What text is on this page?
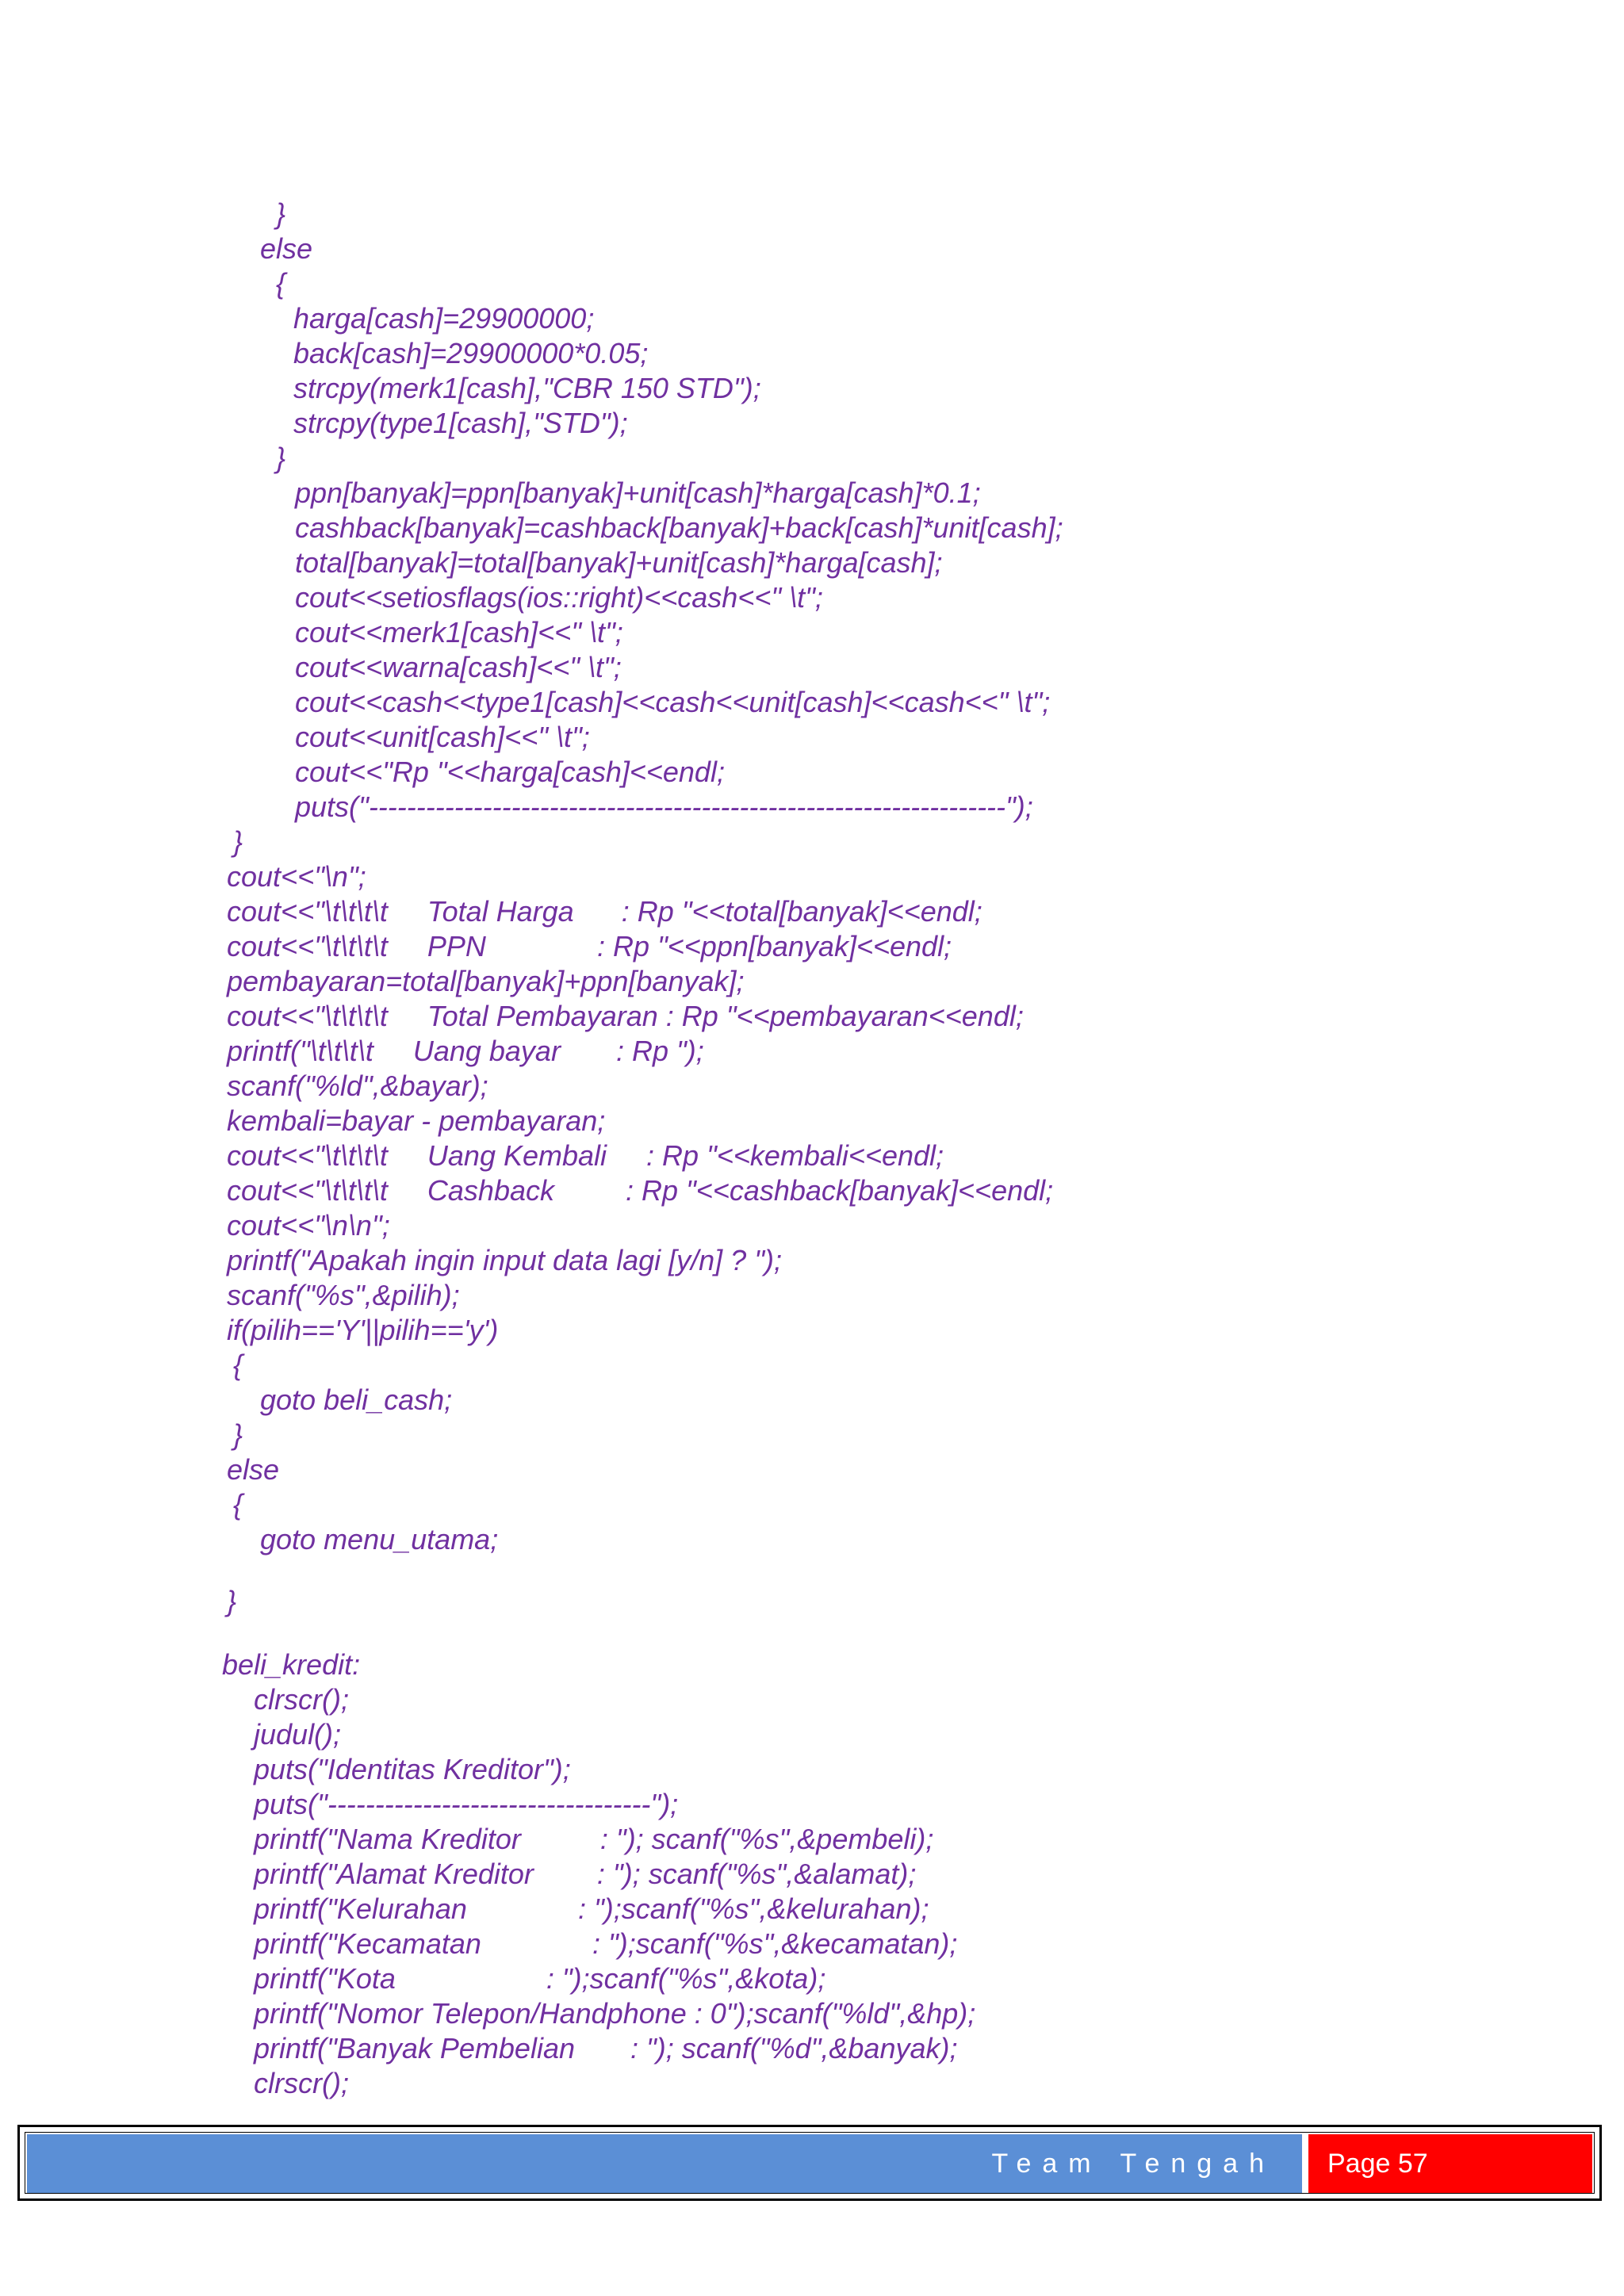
}
else
{
harga[cash]=29900000;
back[cash]=29900000*0.05;
strcpy(merk1[cash],"CBR 150 STD");
strcpy(type1[cash],"STD");
}
ppn[banyak]=ppn[banyak]+unit[cash]*harga[cash]*0.1;
cashback[banyak]=cashback[banyak]+back[cash]*unit[cash];
total[banyak]=total[banyak]+unit[cash]*harga[cash];
cout<<setiosflags(ios::right)<<cash<<" \t";
cout<<merk1[cash]<<" \t";
cout<<warna[cash]<<" \t";
cout<<cash<<type1[cash]<<cash<<unit[cash]<<cash<<" \t";
cout<<unit[cash]<<" \t";
cout<<"Rp "<<harga[cash]<<endl;
puts("-------------------------------------------------------------------");
}
cout<<"\n";
cout<<"\t\t\t\t     Total Harga      : Rp "<<total[banyak]<<endl;
cout<<"\t\t\t\t     PPN              : Rp "<<ppn[banyak]<<endl;
pembayaran=total[banyak]+ppn[banyak];
cout<<"\t\t\t\t     Total Pembayaran : Rp "<<pembayaran<<endl;
printf("\t\t\t\t     Uang bayar       : Rp ");
scanf("%ld",&bayar);
kembali=bayar - pembayaran;
cout<<"\t\t\t\t     Uang Kembali     : Rp "<<kembali<<endl;
cout<<"\t\t\t\t     Cashback         : Rp "<<cashback[banyak]<<endl;
cout<<"\n\n";
printf("Apakah ingin input data lagi [y/n] ? ");
scanf("%s",&pilih);
if(pilih=='Y'||pilih=='y')
{
goto beli_cash;
}
else
{
goto menu_utama;
}
beli_kredit:
clrscr();
judul();
puts("Identitas Kreditor");
puts("----------------------------------");
printf("Nama Kreditor          : "); scanf("%s",&pembeli);
printf("Alamat Kreditor        : "); scanf("%s",&alamat);
printf("Kelurahan              : ");scanf("%s",&kelurahan);
printf("Kecamatan              : ");scanf("%s",&kecamatan);
printf("Kota                   : ");scanf("%s",&kota);
printf("Nomor Telepon/Handphone : 0");scanf("%ld",&hp);
printf("Banyak Pembelian       : "); scanf("%d",&banyak);
clrscr();
Team Tengah Page 57
